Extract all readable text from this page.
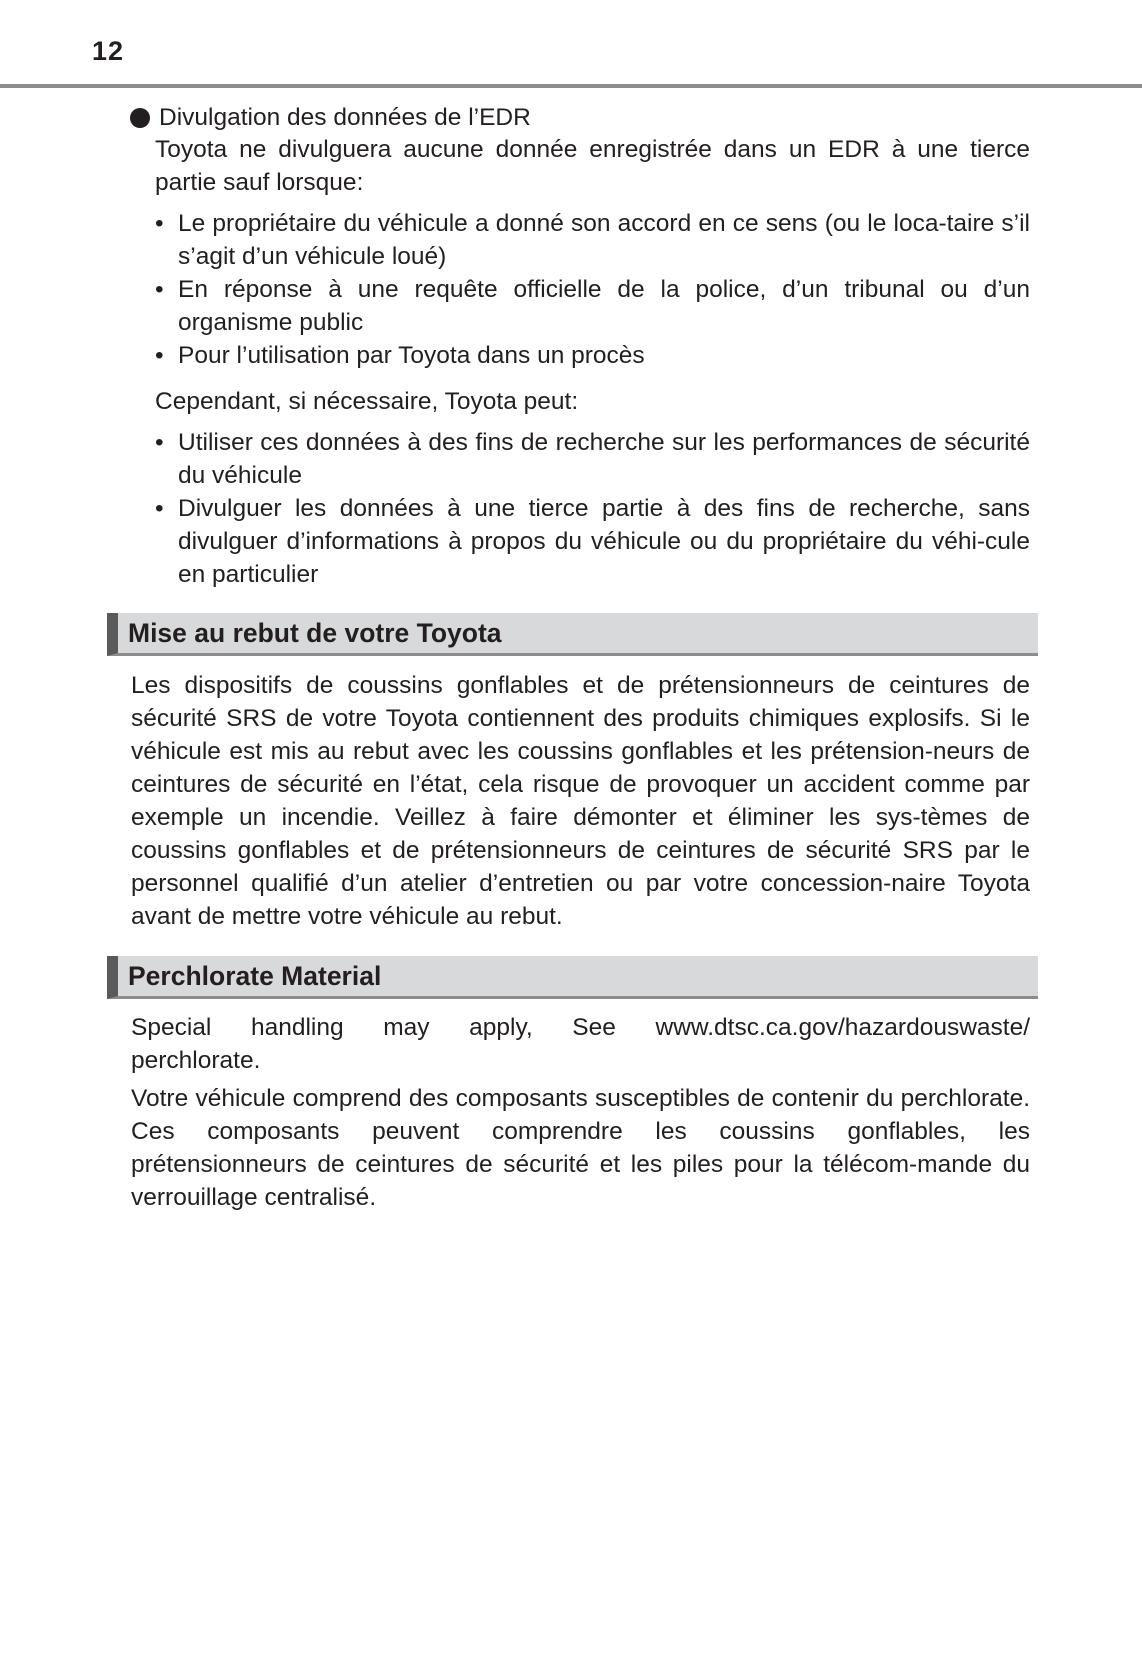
12
Divulgation des données de l’EDR
Toyota ne divulguera aucune donnée enregistrée dans un EDR à une tierce partie sauf lorsque:
• Le propriétaire du véhicule a donné son accord en ce sens (ou le loca-taire s’il s’agit d’un véhicule loué)
• En réponse à une requête officielle de la police, d’un tribunal ou d’un organisme public
• Pour l’utilisation par Toyota dans un procès
Cependant, si nécessaire, Toyota peut:
• Utiliser ces données à des fins de recherche sur les performances de sécurité du véhicule
• Divulguer les données à une tierce partie à des fins de recherche, sans divulguer d’informations à propos du véhicule ou du propriétaire du véhi-cule en particulier
Mise au rebut de votre Toyota
Les dispositifs de coussins gonflables et de prétensionneurs de ceintures de sécurité SRS de votre Toyota contiennent des produits chimiques explosifs. Si le véhicule est mis au rebut avec les coussins gonflables et les prétension-neurs de ceintures de sécurité en l’état, cela risque de provoquer un accident comme par exemple un incendie. Veillez à faire démonter et éliminer les sys-tèmes de coussins gonflables et de prétensionneurs de ceintures de sécurité SRS par le personnel qualifié d’un atelier d’entretien ou par votre concession-naire Toyota avant de mettre votre véhicule au rebut.
Perchlorate Material
Special handling may apply, See www.dtsc.ca.gov/hazardouswaste/
perchlorate.
Votre véhicule comprend des composants susceptibles de contenir du perchlorate. Ces composants peuvent comprendre les coussins gonflables, les prétensionneurs de ceintures de sécurité et les piles pour la télécom-mande du verrouillage centralisé.
